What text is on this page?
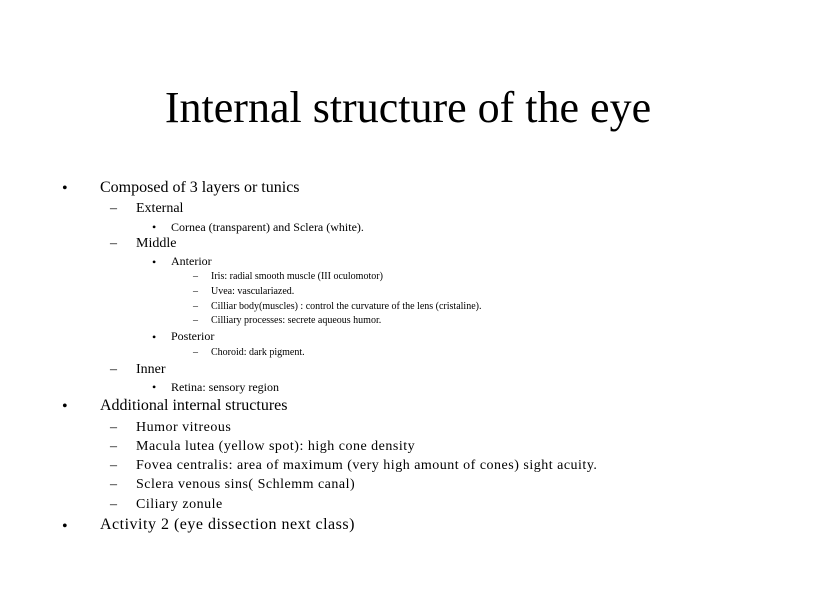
Internal structure of the eye
• Composed of 3 layers or tunics
– External
• Cornea (transparent) and Sclera (white).
– Middle
• Anterior
– Iris: radial smooth muscle (III oculomotor)
– Uvea: vasculariazed.
– Cilliar body(muscles) : control the curvature of the lens (cristaline).
– Cilliary processes: secrete aqueous humor.
• Posterior
– Choroid: dark pigment.
– Inner
• Retina: sensory region
• Additional internal structures
– Humor vitreous
– Macula lutea (yellow spot): high cone density
– Fovea centralis: area of maximum (very high amount of cones) sight acuity.
– Sclera venous sins( Schlemm canal)
– Ciliary zonule
• Activity 2 (eye dissection next class)
